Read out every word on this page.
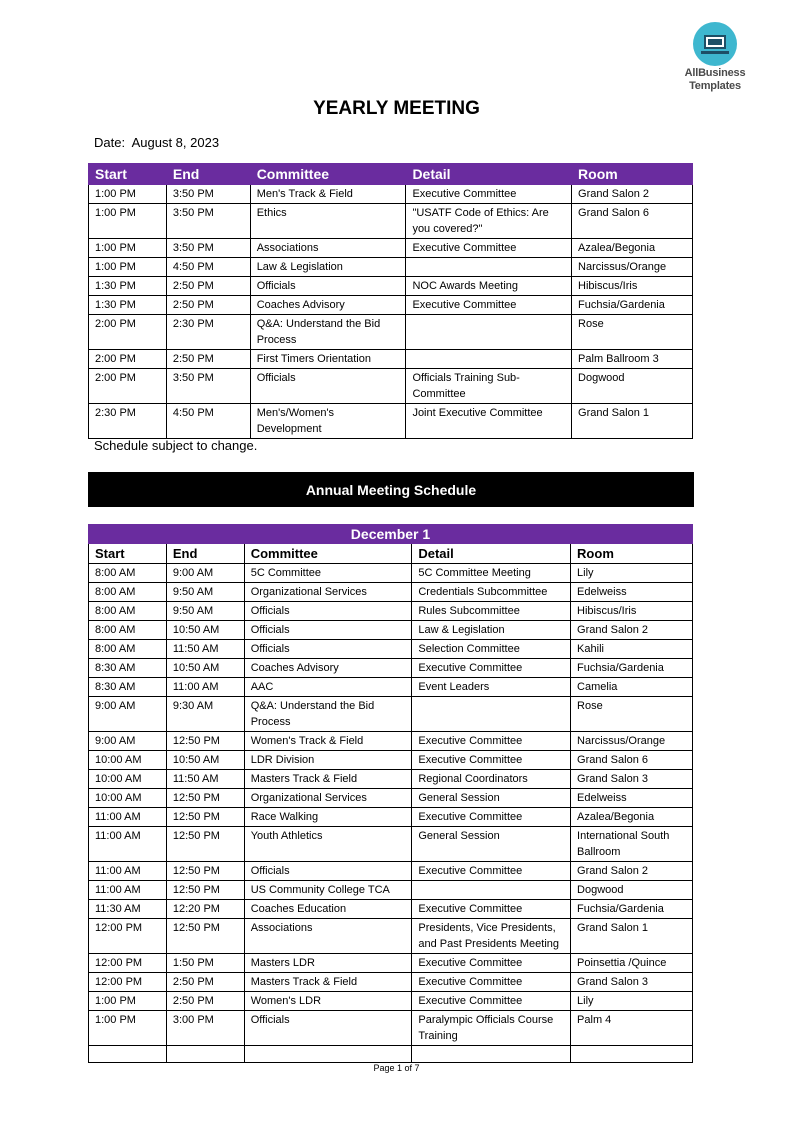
AllBusiness
Templates
YEARLY MEETING
Date: August 8, 2023
Start	End	Committee	Detail	Room
1:00 PM	3:50 PM	Men's Track & Field	Executive Committee	Grand Salon 2
1:00 PM	3:50 PM	Ethics	"USATF Code of Ethics: Are you covered?"	Grand Salon 6
1:00 PM	3:50 PM	Associations	Executive Committee	Azalea/Begonia
1:00 PM	4:50 PM	Law & Legislation		Narcissus/Orange
1:30 PM	2:50 PM	Officials	NOC Awards Meeting	Hibiscus/Iris
1:30 PM	2:50 PM	Coaches Advisory	Executive Committee	Fuchsia/Gardenia
2:00 PM	2:30 PM	Q&A: Understand the Bid Process		Rose
2:00 PM	2:50 PM	First Timers Orientation		Palm Ballroom 3
2:00 PM	3:50 PM	Officials	Officials Training Sub-Committee	Dogwood
2:30 PM	4:50 PM	Men's/Women's Development	Joint Executive Committee	Grand Salon 1
Schedule subject to change.
Annual Meeting Schedule
December 1				
Start	End	Committee	Detail	Room
8:00 AM	9:00 AM	5C Committee	5C Committee Meeting	Lily
8:00 AM	9:50 AM	Organizational Services	Credentials Subcommittee	Edelweiss
8:00 AM	9:50 AM	Officials	Rules Subcommittee	Hibiscus/Iris
8:00 AM	10:50 AM	Officials	Law & Legislation	Grand Salon 2
8:00 AM	11:50 AM	Officials	Selection Committee	Kahili
8:30 AM	10:50 AM	Coaches Advisory	Executive Committee	Fuchsia/Gardenia
8:30 AM	11:00 AM	AAC	Event Leaders	Camelia
9:00 AM	9:30 AM	Q&A: Understand the Bid Process		Rose
9:00 AM	12:50 PM	Women's Track & Field	Executive Committee	Narcissus/Orange
10:00 AM	10:50 AM	LDR Division	Executive Committee	Grand Salon 6
10:00 AM	11:50 AM	Masters Track & Field	Regional Coordinators	Grand Salon 3
10:00 AM	12:50 PM	Organizational Services	General Session	Edelweiss
11:00 AM	12:50 PM	Race Walking	Executive Committee	Azalea/Begonia
11:00 AM	12:50 PM	Youth Athletics	General Session	International South Ballroom
11:00 AM	12:50 PM	Officials	Executive Committee	Grand Salon 2
11:00 AM	12:50 PM	US Community College TCA		Dogwood
11:30 AM	12:20 PM	Coaches Education	Executive Committee	Fuchsia/Gardenia
12:00 PM	12:50 PM	Associations	Presidents, Vice Presidents, and Past Presidents Meeting	Grand Salon 1
12:00 PM	1:50 PM	Masters LDR	Executive Committee	Poinsettia /Quince
12:00 PM	2:50 PM	Masters Track & Field	Executive Committee	Grand Salon 3
1:00 PM	2:50 PM	Women's LDR	Executive Committee	Lily
1:00 PM	3:00 PM	Officials	Paralympic Officials Course Training	Palm 4

Page 1 of 7
